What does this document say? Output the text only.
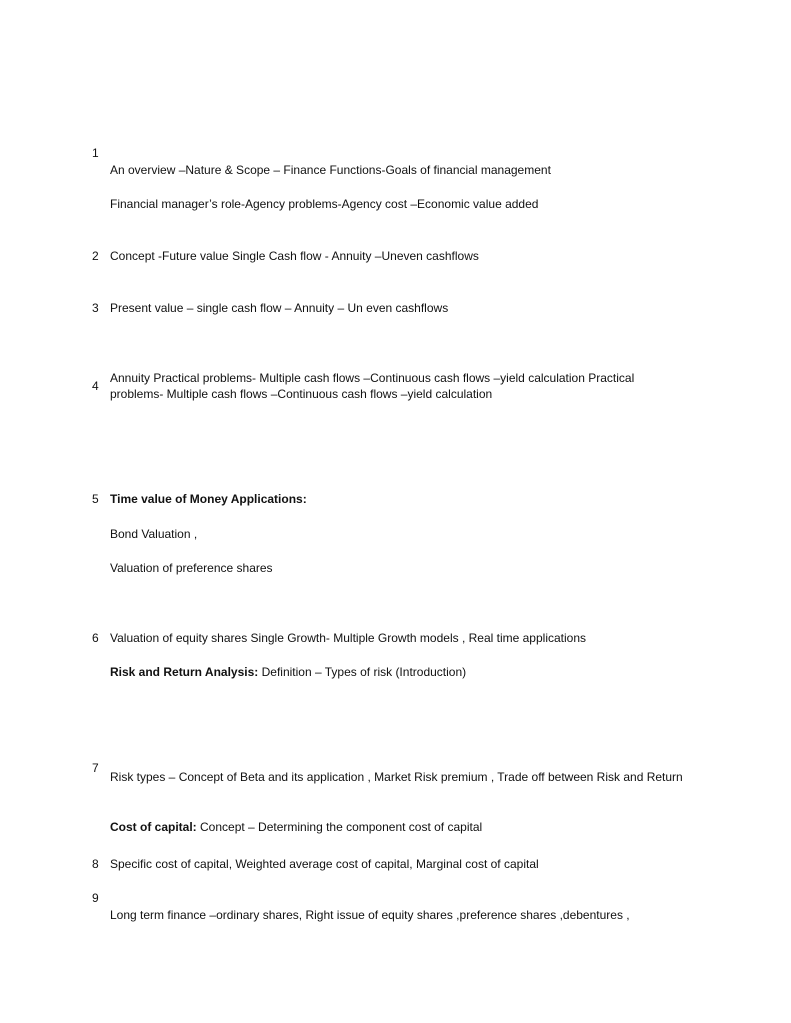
1
An overview –Nature & Scope – Finance Functions-Goals of financial management
Financial manager’s role-Agency problems-Agency cost –Economic value added
2 Concept -Future value Single Cash flow - Annuity –Uneven cashflows
3 Present value – single cash flow – Annuity – Un even cashflows
4
Annuity Practical problems- Multiple cash flows –Continuous cash flows –yield calculation Practical problems- Multiple cash flows –Continuous cash flows –yield calculation
5 Time value of Money Applications:
Bond Valuation ,
Valuation of preference shares
6 Valuation of equity shares Single Growth- Multiple Growth models , Real time applications
Risk and Return Analysis: Definition – Types of risk (Introduction)
7
Risk types – Concept of Beta and its application , Market Risk premium , Trade off between Risk and Return
Cost of capital: Concept – Determining the component cost of capital
8 Specific cost of capital, Weighted average cost of capital, Marginal cost of capital
9
Long term finance –ordinary shares, Right issue of equity shares ,preference shares ,debentures ,
